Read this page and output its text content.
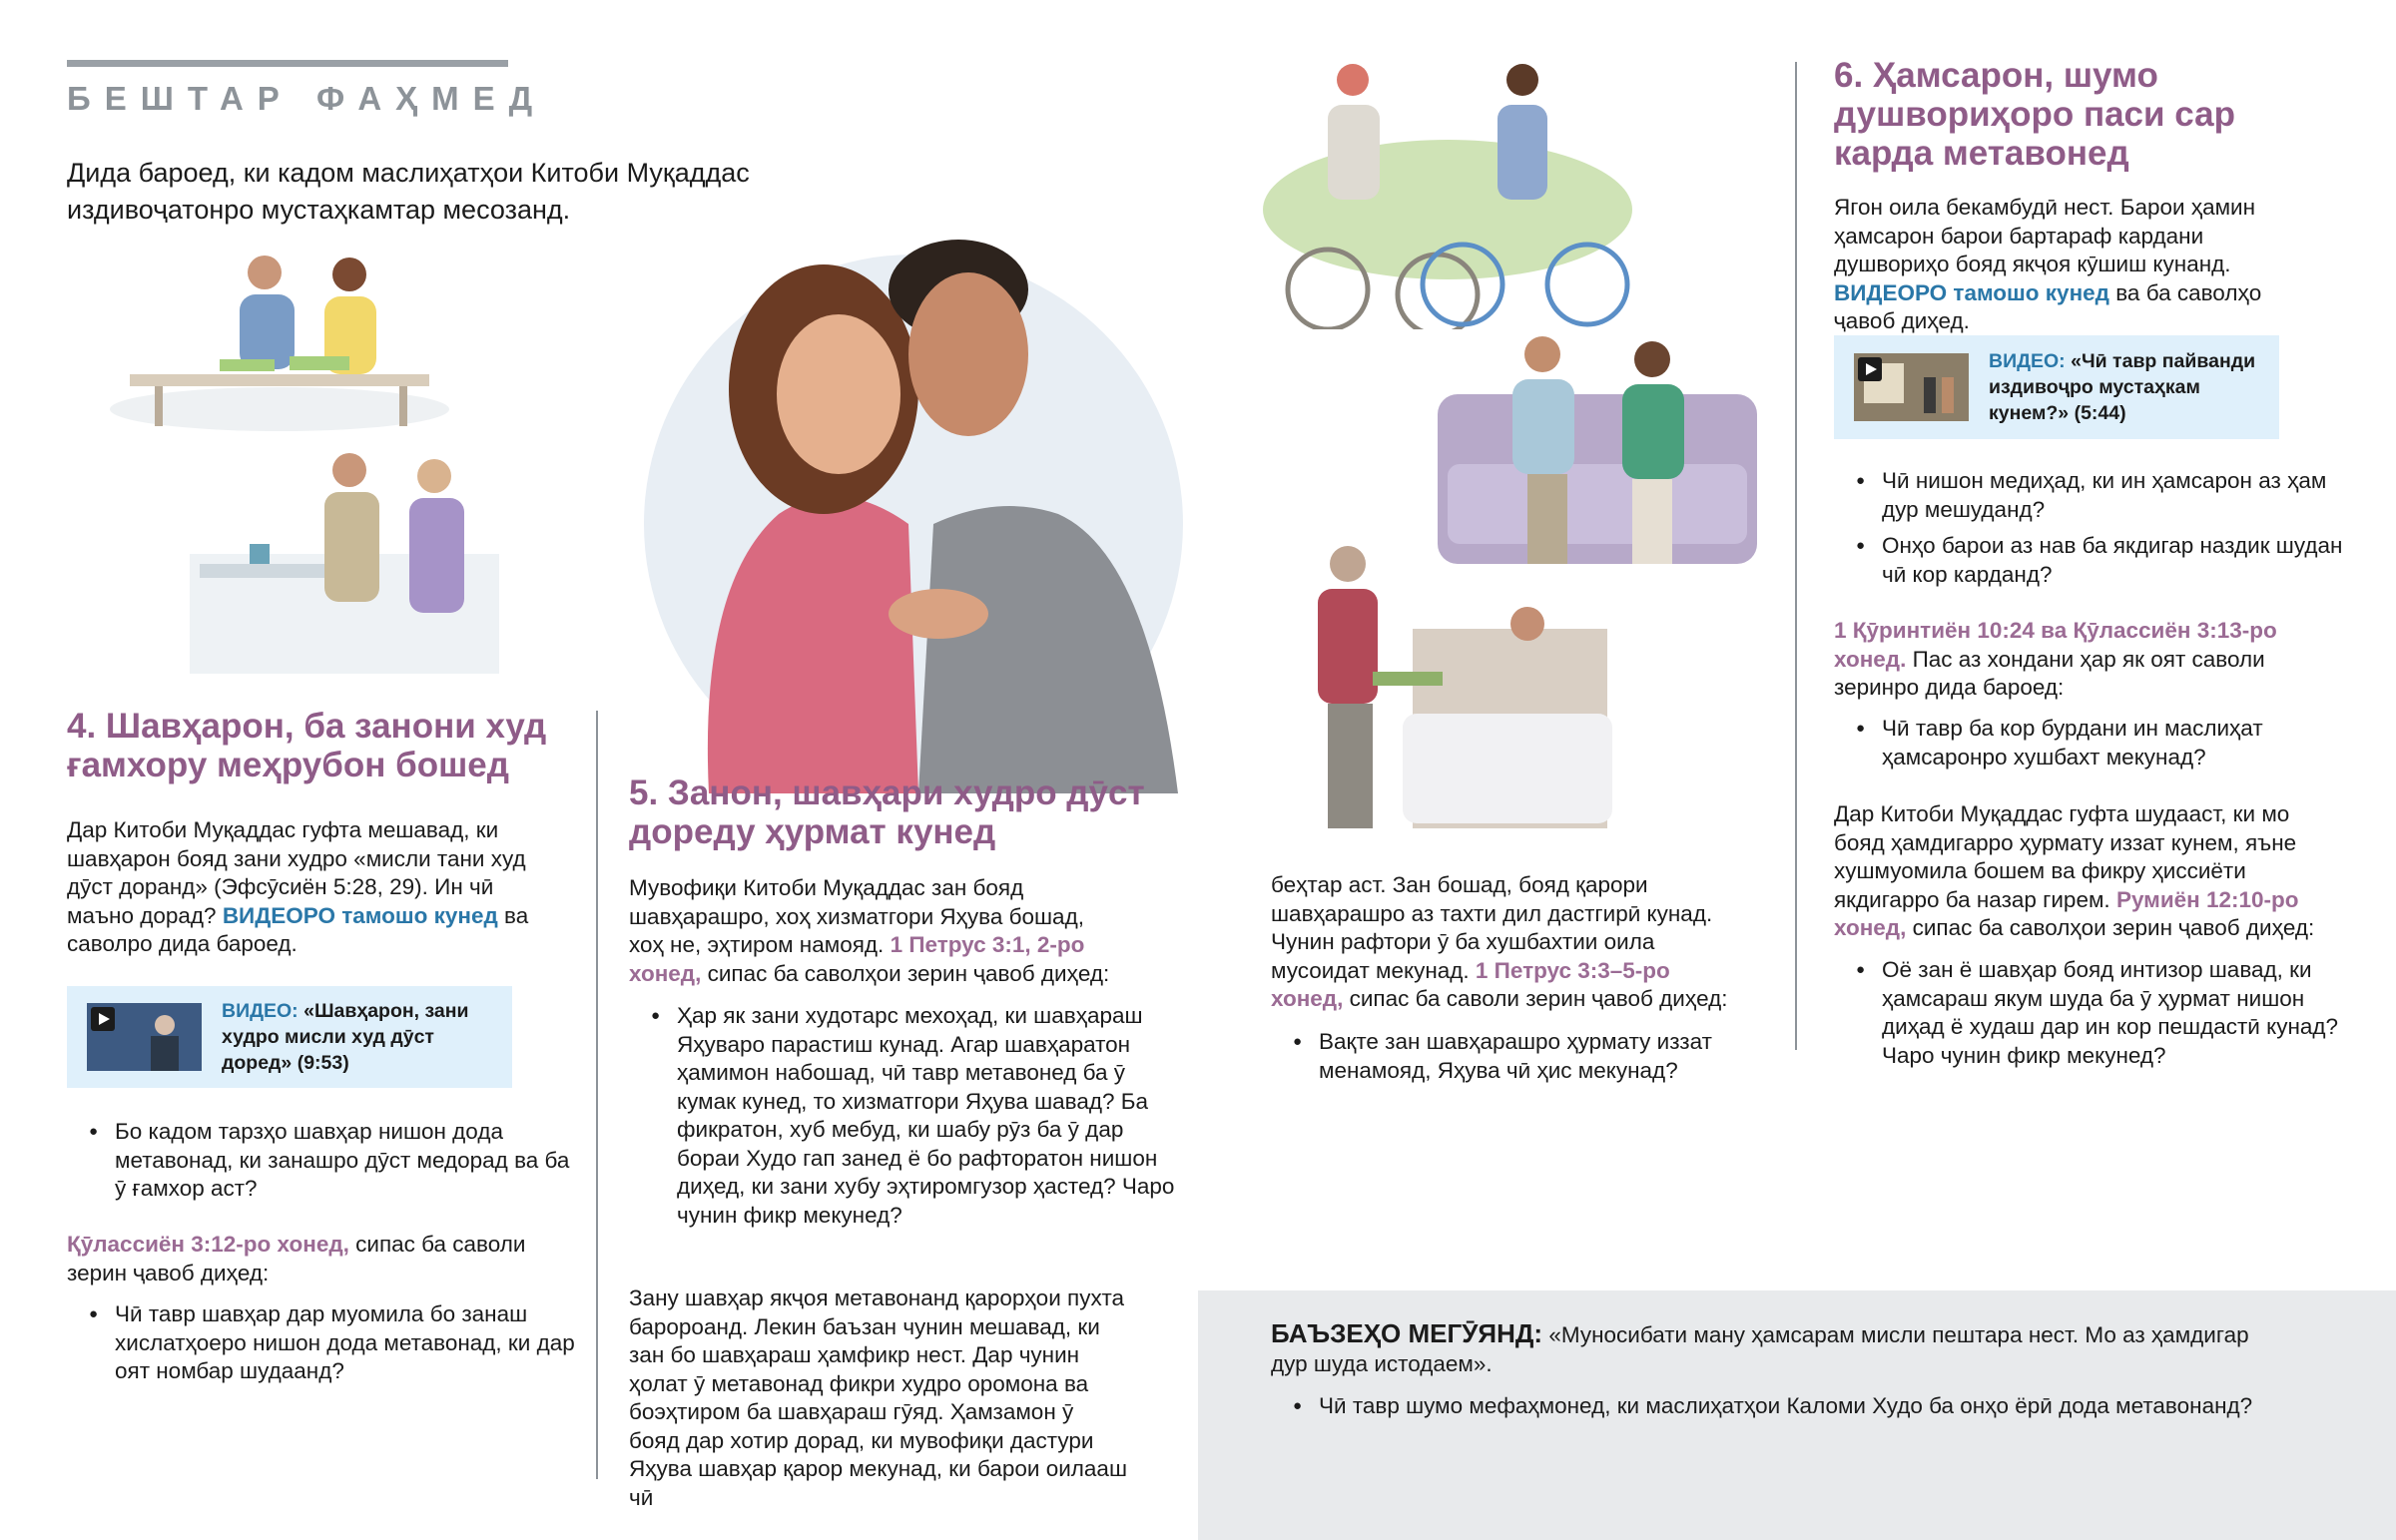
БЕШТАР ФАҲМЕД
Дида бароед, ки кадом маслиҳатҳои Китоби Муқаддас издивоҷатонро мустаҳкамтар месозанд.
4. Шавҳарон, ба занони худ ғамхору меҳрубон бошед
Дар Китоби Муқаддас гуфта мешавад, ки шавҳарон бояд зани худро «мисли тани худ дӯст доранд» (Эфсӯсиён 5:28, 29). Ин чӣ маъно дорад? ВИДЕОРО тамошо кунед ва саволро дида бароед.
ВИДЕО: «Шавҳарон, зани худро мисли худ дӯст доред» (9:53)
● Бо кадом тарзҳо шавҳар нишон дода метавонад, ки занашро дӯст медорад ва ба ӯ ғамхор аст?
Қӯлассиён 3:12-ро хонед, сипас ба саволи зерин ҷавоб диҳед:
● Чӣ тавр шавҳар дар муомила бо занаш хислатҳоеро нишон дода метавонад, ки дар оят номбар шудаанд?
5. Занон, шавҳари худро дӯст дореду ҳурмат кунед
Мувофиқи Китоби Муқаддас зан бояд шавҳарашро, хоҳ хизматгори Яҳува бошад, хоҳ не, эҳтиром намояд. 1 Петрус 3:1, 2-ро хонед, сипас ба саволҳои зерин ҷавоб диҳед:
● Ҳар як зани худотарс мехоҳад, ки шавҳараш Яҳуваро парастиш кунад. Агар шавҳаратон ҳамимон набошад, чӣ тавр метавонед ба ӯ кумак кунед, то хизматгори Яҳува шавад? Ба фикратон, хуб мебуд, ки шабу рӯз ба ӯ дар бораи Худо гап занед ё бо рафторатон нишон диҳед, ки зани хубу эҳтиромгузор ҳастед? Чаро чунин фикр мекунед?
Зану шавҳар якҷоя метавонанд қарорҳои пухта баророанд. Лекин баъзан чунин мешавад, ки зан бо шавҳараш ҳамфикр нест. Дар чунин ҳолат ӯ метавонад фикри худро оромона ва боэҳтиром ба шавҳараш гӯяд. Ҳамзамон ӯ бояд дар хотир дорад, ки мувофиқи дастури Яҳува шавҳар қарор мекунад, ки барои оилааш чӣ
беҳтар аст. Зан бошад, бояд қарори шавҳарашро аз тахти дил дастгирӣ кунад. Чунин рафтори ӯ ба хушбахтии оила мусоидат мекунад. 1 Петрус 3:3–5-ро хонед, сипас ба саволи зерин ҷавоб диҳед:
● Вақте зан шавҳарашро ҳурмату иззат менамояд, Яҳува чӣ ҳис мекунад?
6. Ҳамсарон, шумо душвориҳоро паси сар карда метавонед
Ягон оила бекамбудӣ нест. Барои ҳамин ҳамсарон барои бартараф кардани душвориҳо бояд якҷоя кӯшиш кунанд. ВИДЕОРО тамошо кунед ва ба саволҳо ҷавоб диҳед.
ВИДЕО: «Чӣ тавр пайванди издивоҷро мустаҳкам кунем?» (5:44)
● Чӣ нишон медиҳад, ки ин ҳамсарон аз ҳам дур мешуданд?
● Онҳо барои аз нав ба якдигар наздик шудан чӣ кор карданд?
1 Қӯринтиён 10:24 ва Қӯлассиён 3:13-ро хонед. Пас аз хондани ҳар як оят саволи зеринро дида бароед:
● Чӣ тавр ба кор бурдани ин маслиҳат ҳамсаронро хушбахт мекунад?
Дар Китоби Муқаддас гуфта шудааст, ки мо бояд ҳамдигарро ҳурмату иззат кунем, яъне хушмуомила бошем ва фикру ҳиссиёти якдигарро ба назар гирем. Румиён 12:10-ро хонед, сипас ба саволҳои зерин ҷавоб диҳед:
● Оё зан ё шавҳар бояд интизор шавад, ки ҳамсараш якум шуда ба ӯ ҳурмат нишон диҳад ё худаш дар ин кор пешдастӣ кунад? Чаро чунин фикр мекунед?
БАЪЗЕҲО МЕГӮЯНД: «Муносибати ману ҳамсарам мисли пештара нест. Мо аз ҳамдигар дур шуда истодаем».
● Чӣ тавр шумо мефаҳмонед, ки маслиҳатҳои Каломи Худо ба онҳо ёрӣ дода метавонанд?
